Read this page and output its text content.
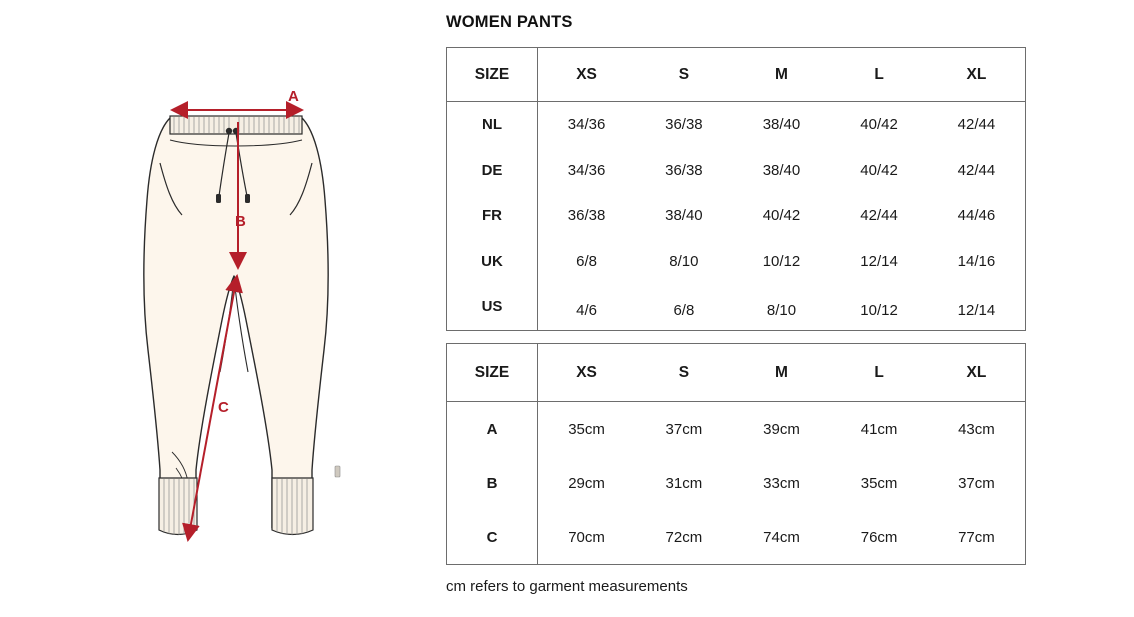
A
B
C
WOMEN PANTS
SIZE	XS	S	M	L	XL
NL	34/36	36/38	38/40	40/42	42/44
DE	34/36	36/38	38/40	40/42	42/44
FR	36/38	38/40	40/42	42/44	44/46
UK	6/8	8/10	10/12	12/14	14/16
US	4/6	6/8	8/10	10/12	12/14
SIZE	XS	S	M	L	XL
A	35cm	37cm	39cm	41cm	43cm
B	29cm	31cm	33cm	35cm	37cm
C	70cm	72cm	74cm	76cm	77cm
cm refers to garment measurements
